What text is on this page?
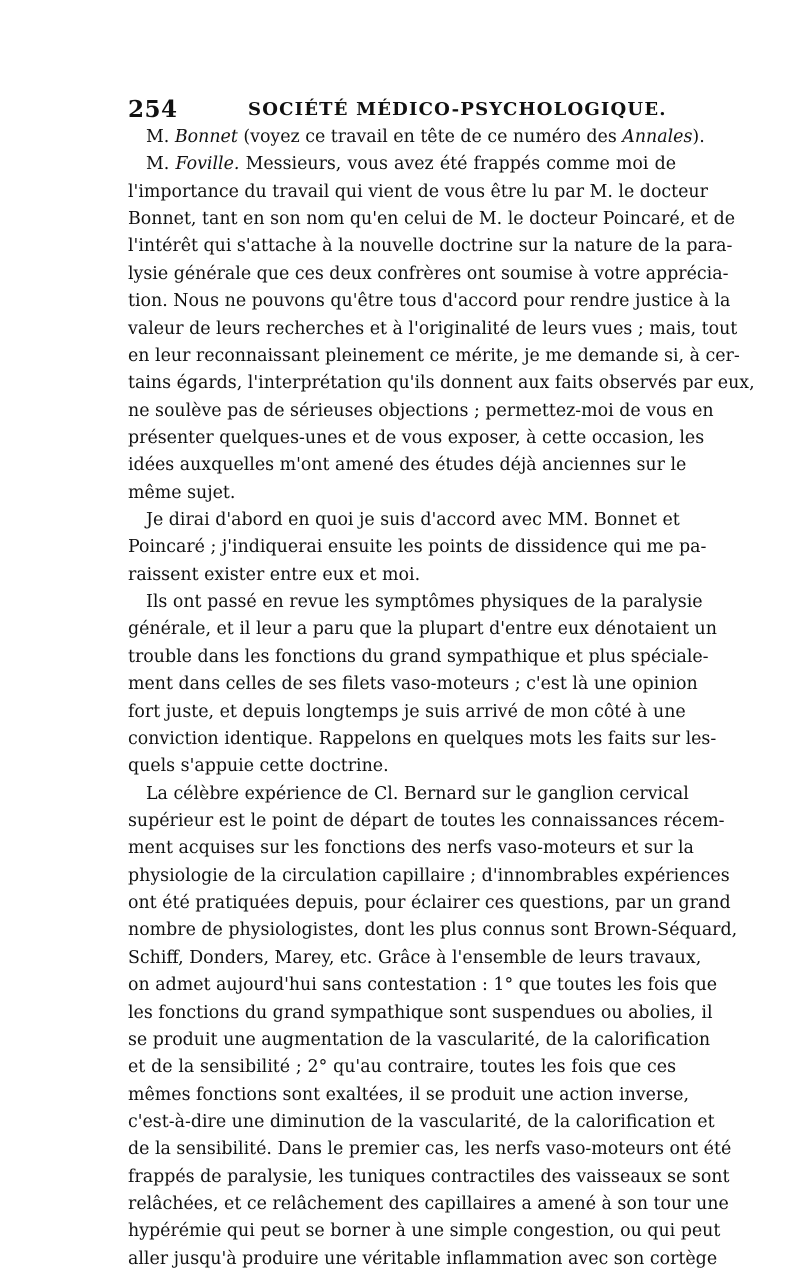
254	SOCIÉTÉ MÉDICO-PSYCHOLOGIQUE.
M. Bonnet (voyez ce travail en tête de ce numéro des Annales).
M. Foville. Messieurs, vous avez été frappés comme moi de
l'importance du travail qui vient de vous être lu par M. le docteur
Bonnet, tant en son nom qu'en celui de M. le docteur Poincaré, et de
l'intérêt qui s'attache à la nouvelle doctrine sur la nature de la para-
lysie générale que ces deux confrères ont soumise à votre apprécia-
tion. Nous ne pouvons qu'être tous d'accord pour rendre justice à la
valeur de leurs recherches et à l'originalité de leurs vues ; mais, tout
en leur reconnaissant pleinement ce mérite, je me demande si, à cer-
tains égards, l'interprétation qu'ils donnent aux faits observés par eux,
ne soulève pas de sérieuses objections ; permettez-moi de vous en
présenter quelques-unes et de vous exposer, à cette occasion, les
idées auxquelles m'ont amené des études déjà anciennes sur le
même sujet.
Je dirai d'abord en quoi je suis d'accord avec MM. Bonnet et
Poincaré ; j'indiquerai ensuite les points de dissidence qui me pa-
raissent exister entre eux et moi.
Ils ont passé en revue les symptômes physiques de la paralysie
générale, et il leur a paru que la plupart d'entre eux dénotaient un
trouble dans les fonctions du grand sympathique et plus spéciale-
ment dans celles de ses filets vaso-moteurs ; c'est là une opinion
fort juste, et depuis longtemps je suis arrivé de mon côté à une
conviction identique. Rappelons en quelques mots les faits sur les-
quels s'appuie cette doctrine.
La célèbre expérience de Cl. Bernard sur le ganglion cervical
supérieur est le point de départ de toutes les connaissances récem-
ment acquises sur les fonctions des nerfs vaso-moteurs et sur la
physiologie de la circulation capillaire ; d'innombrables expériences
ont été pratiquées depuis, pour éclairer ces questions, par un grand
nombre de physiologistes, dont les plus connus sont Brown-Séquard,
Schiff, Donders, Marey, etc. Grâce à l'ensemble de leurs travaux,
on admet aujourd'hui sans contestation : 1° que toutes les fois que
les fonctions du grand sympathique sont suspendues ou abolies, il
se produit une augmentation de la vascularité, de la calorification
et de la sensibilité ; 2° qu'au contraire, toutes les fois que ces
mêmes fonctions sont exaltées, il se produit une action inverse,
c'est-à-dire une diminution de la vascularité, de la calorification et
de la sensibilité. Dans le premier cas, les nerfs vaso-moteurs ont été
frappés de paralysie, les tuniques contractiles des vaisseaux se sont
relâchées, et ce relâchement des capillaires a amené à son tour une
hypérémie qui peut se borner à une simple congestion, ou qui peut
aller jusqu'à produire une véritable inflammation avec son cortège
